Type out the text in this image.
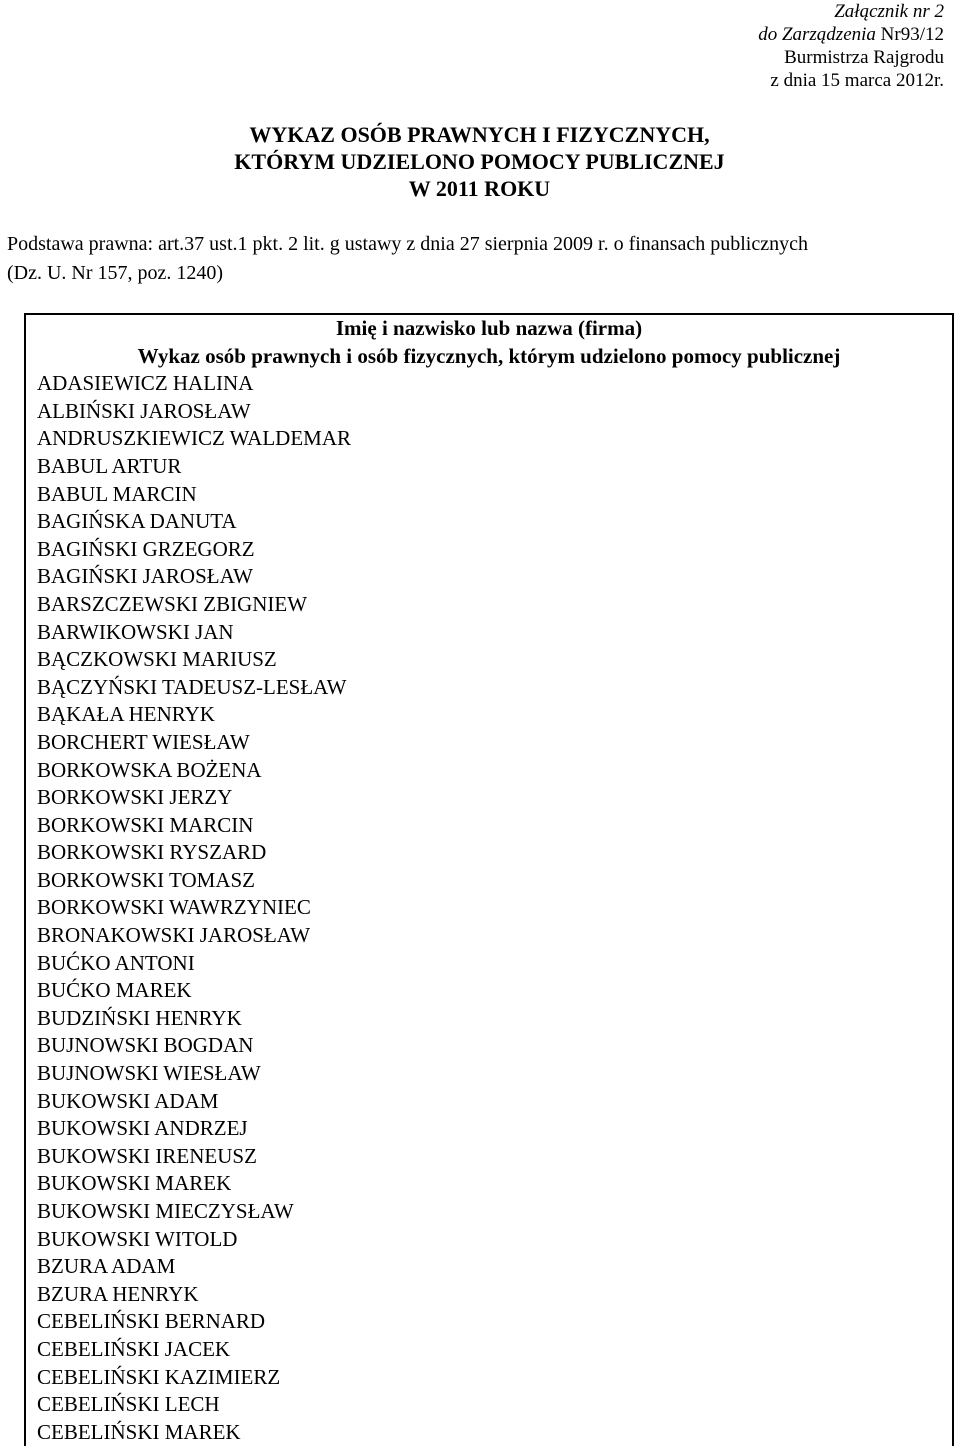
Załącznik nr 2
do Zarządzenia Nr93/12
Burmistrza Rajgrodu
z dnia 15 marca 2012r.
WYKAZ OSÓB PRAWNYCH I FIZYCZNYCH,
KTÓRYM UDZIELONO POMOCY PUBLICZNEJ
W 2011 ROKU
Podstawa prawna: art.37 ust.1 pkt. 2 lit. g ustawy z dnia 27 sierpnia 2009 r. o finansach publicznych
(Dz. U. Nr 157, poz. 1240)
Imię i nazwisko lub nazwa (firma)
Wykaz osób prawnych i osób fizycznych, którym udzielono pomocy publicznej
ADASIEWICZ HALINA
ALBIŃSKI JAROSŁAW
ANDRUSZKIEWICZ WALDEMAR
BABUL ARTUR
BABUL MARCIN
BAGIŃSKA DANUTA
BAGIŃSKI GRZEGORZ
BAGIŃSKI JAROSŁAW
BARSZCZEWSKI ZBIGNIEW
BARWIKOWSKI JAN
BĄCZKOWSKI MARIUSZ
BĄCZYŃSKI TADEUSZ-LESŁAW
BĄKAŁA HENRYK
BORCHERT WIESŁAW
BORKOWSKA BOŻENA
BORKOWSKI JERZY
BORKOWSKI MARCIN
BORKOWSKI RYSZARD
BORKOWSKI TOMASZ
BORKOWSKI WAWRZYNIEC
BRONAKOWSKI JAROSŁAW
BUĆKO ANTONI
BUĆKO MAREK
BUDZIŃSKI HENRYK
BUJNOWSKI BOGDAN
BUJNOWSKI WIESŁAW
BUKOWSKI ADAM
BUKOWSKI ANDRZEJ
BUKOWSKI IRENEUSZ
BUKOWSKI MAREK
BUKOWSKI MIECZYSŁAW
BUKOWSKI WITOLD
BZURA ADAM
BZURA HENRYK
CEBELIŃSKI BERNARD
CEBELIŃSKI JACEK
CEBELIŃSKI KAZIMIERZ
CEBELIŃSKI LECH
CEBELIŃSKI MAREK
